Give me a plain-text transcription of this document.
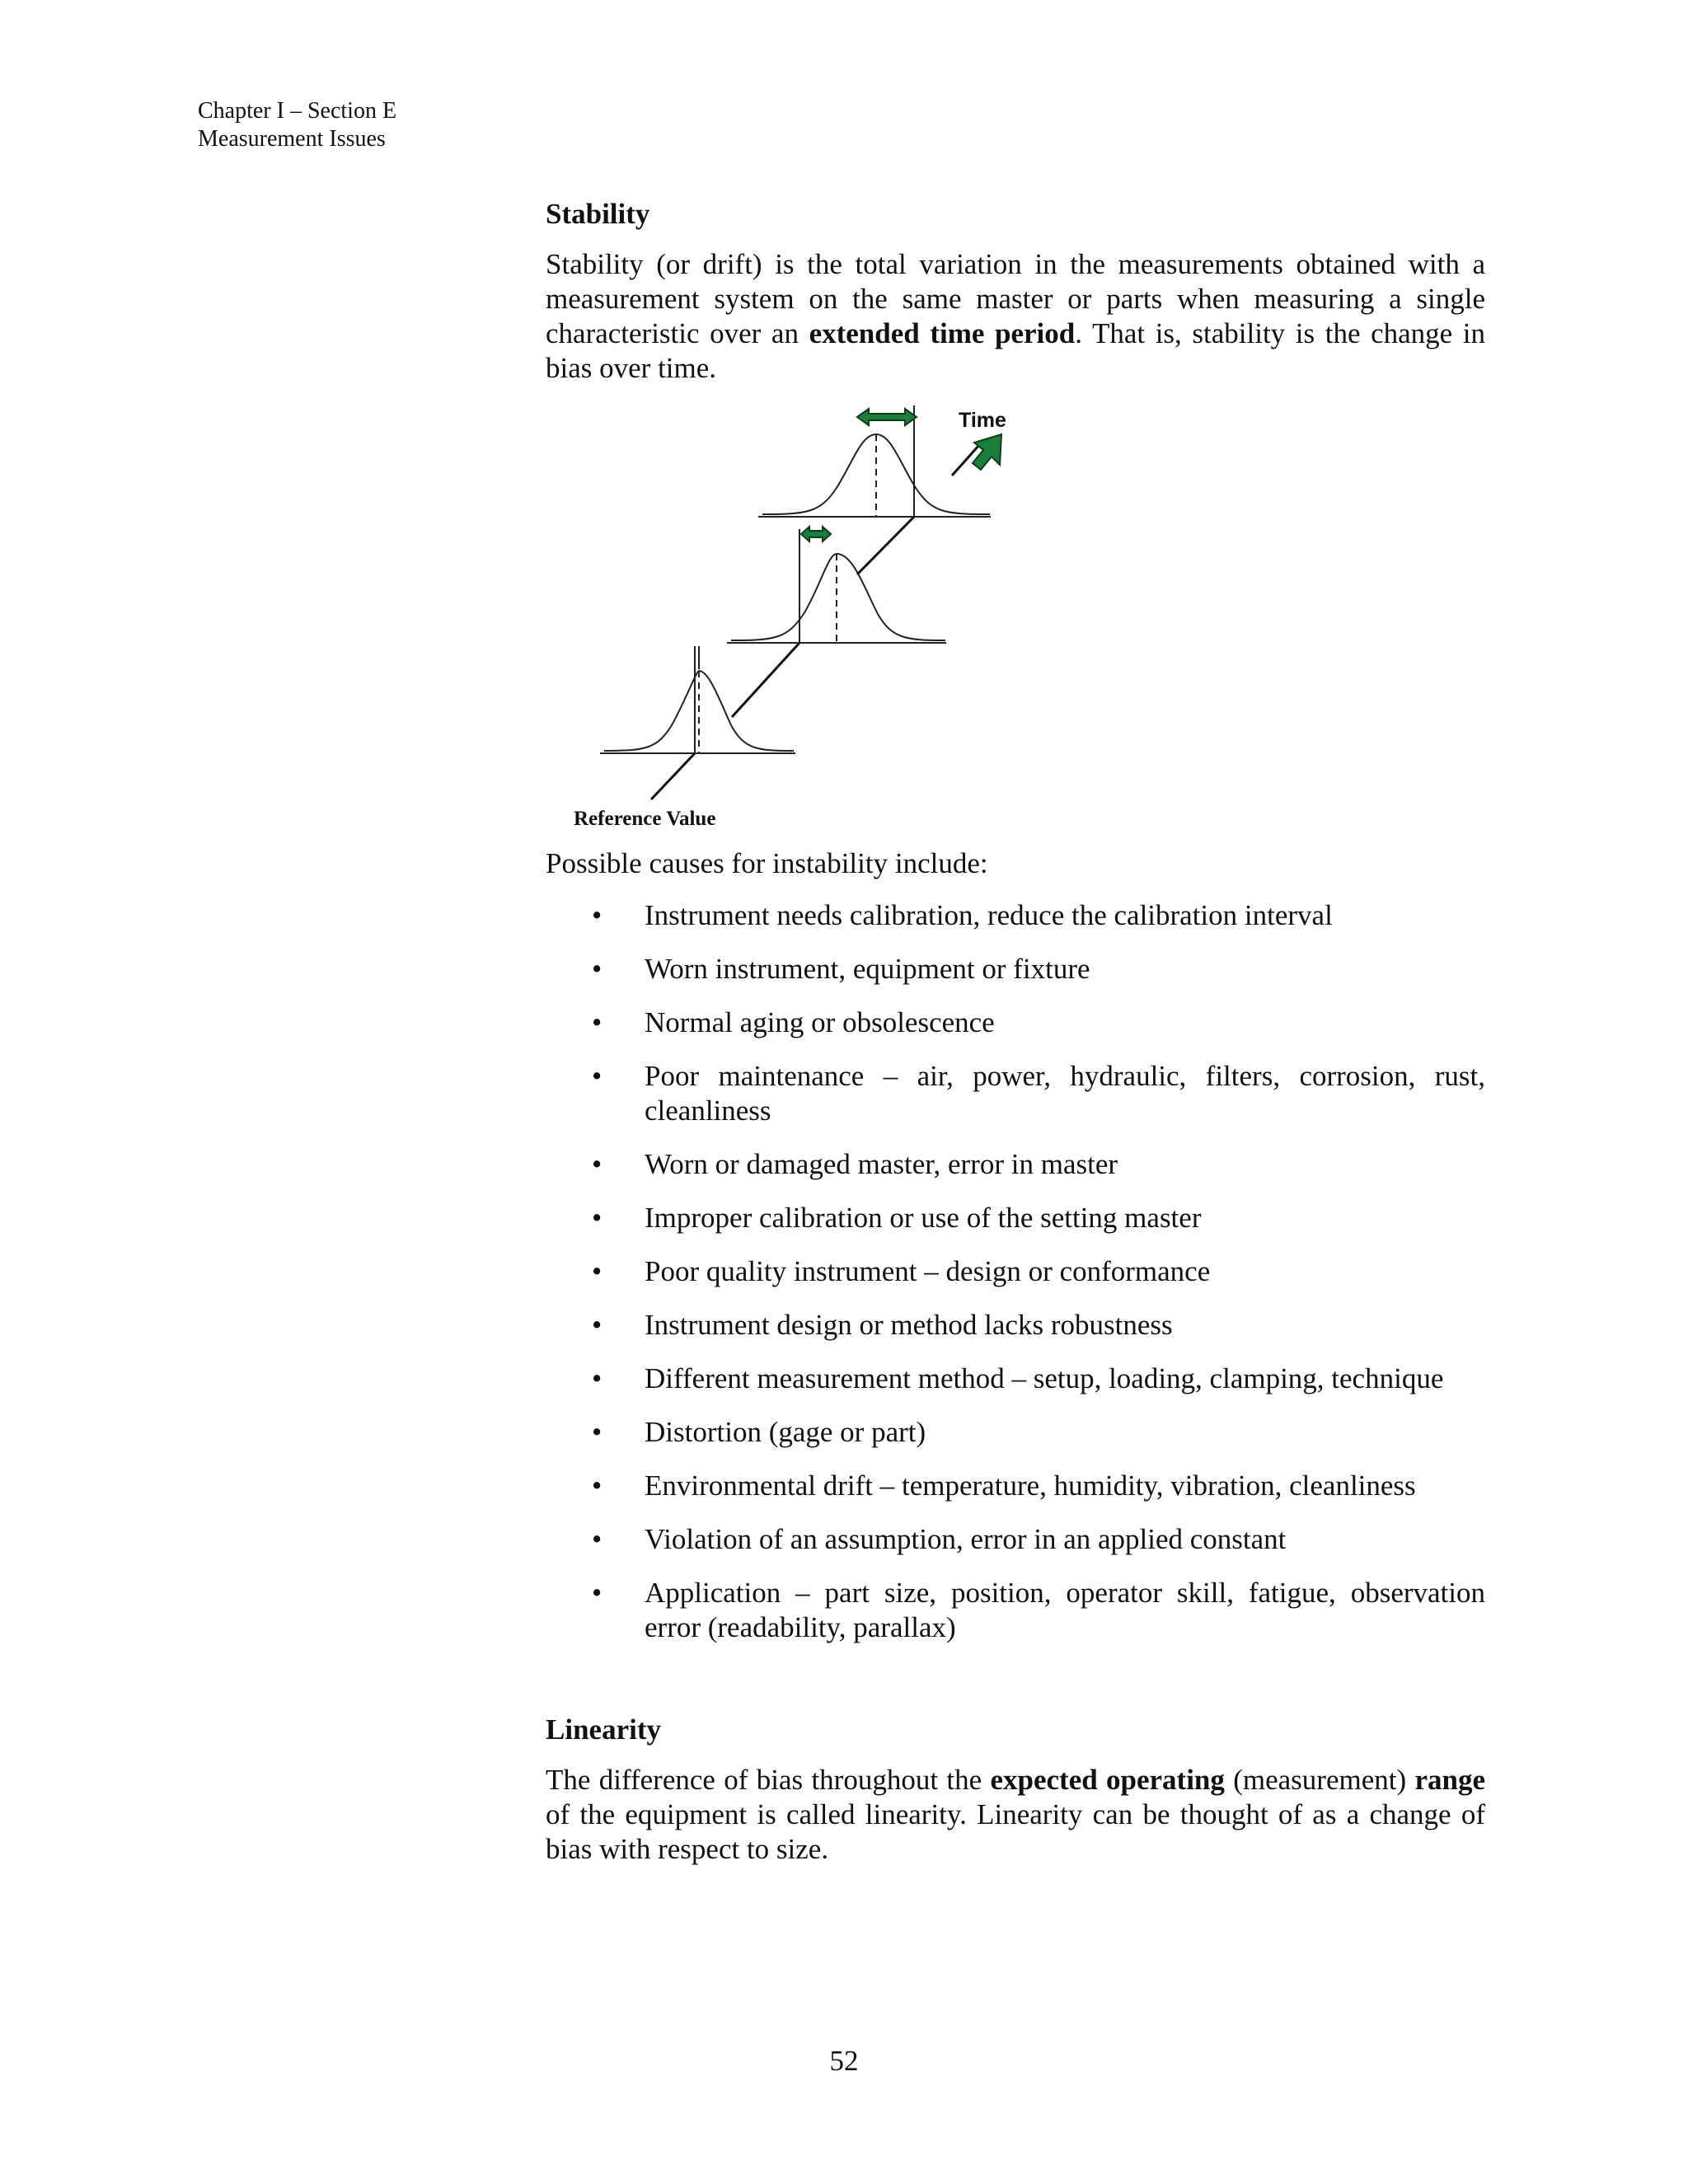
Chapter I – Section E
Measurement Issues
Stability

Stability (or drift) is the total variation in the measurements obtained with a measurement system on the same master or parts when measuring a single characteristic over an extended time period. That is, stability is the change in bias over time.

Time
Reference Value
Possible causes for instability include:
• Instrument needs calibration, reduce the calibration interval
• Worn instrument, equipment or fixture
• Normal aging or obsolescence
• Poor maintenance – air, power, hydraulic, filters, corrosion, rust, cleanliness
• Worn or damaged master, error in master
• Improper calibration or use of the setting master
• Poor quality instrument – design or conformance
• Instrument design or method lacks robustness
• Different measurement method – setup, loading, clamping, technique
• Distortion (gage or part)
• Environmental drift – temperature, humidity, vibration, cleanliness
• Violation of an assumption, error in an applied constant
• Application – part size, position, operator skill, fatigue, observation error (readability, parallax)
Linearity

The difference of bias throughout the expected operating (measurement) range of the equipment is called linearity. Linearity can be thought of as a change of bias with respect to size.

52
